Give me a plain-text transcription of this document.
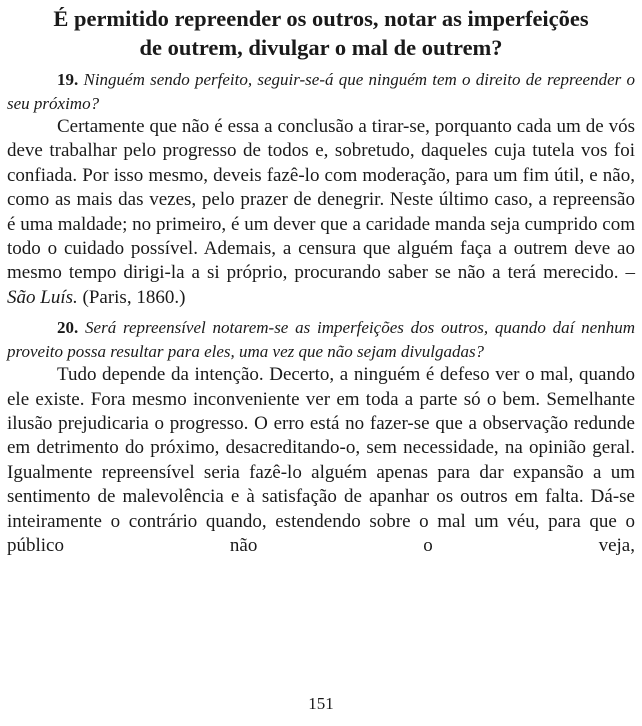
É permitido repreender os outros, notar as imperfeições
de outrem, divulgar o mal de outrem?

19. Ninguém sendo perfeito, seguir-se-á que ninguém tem o direito de repreender o seu próximo?

Certamente que não é essa a conclusão a tirar-se, porquanto cada um de vós deve trabalhar pelo progresso de todos e, sobretudo, daqueles cuja tutela vos foi confiada. Por isso mesmo, deveis fazê-lo com moderação, para um fim útil, e não, como as mais das vezes, pelo prazer de denegrir. Neste último caso, a repreensão é uma maldade; no primeiro, é um dever que a caridade manda seja cumprido com todo o cuidado possível. Ademais, a censura que alguém faça a outrem deve ao mesmo tempo dirigi-la a si próprio, procurando saber se não a terá merecido. – São Luís. (Paris, 1860.)

20. Será repreensível notarem-se as imperfeições dos outros, quando daí nenhum proveito possa resultar para eles, uma vez que não sejam divulgadas?

Tudo depende da intenção. Decerto, a ninguém é defeso ver o mal, quando ele existe. Fora mesmo inconveniente ver em toda a parte só o bem. Semelhante ilusão prejudicaria o progresso. O erro está no fazer-se que a observação redunde em detrimento do próximo, desacreditando-o, sem necessidade, na opinião geral. Igualmente repreensível seria fazê-lo alguém apenas para dar expansão a um sentimento de malevolência e à satisfação de apanhar os outros em falta. Dá-se inteiramente o contrário quando, estendendo sobre o mal um véu, para que o público não o veja,

151
